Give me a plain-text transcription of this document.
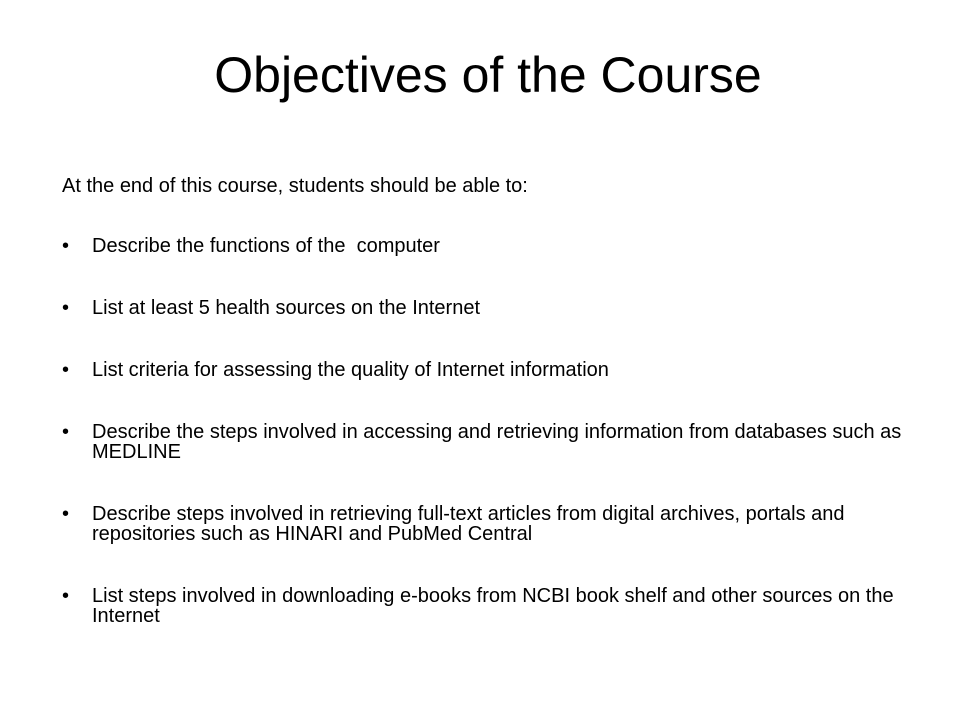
Objectives of the Course
At the end of this course, students should be able to:
•	Describe the functions of the  computer
•	List at least 5 health sources on the Internet
•	List criteria for assessing the quality of Internet information
•	Describe the steps involved in accessing and retrieving information from databases such as MEDLINE
•	Describe steps involved in retrieving full-text articles from digital archives, portals and repositories such as HINARI and PubMed Central
•	List steps involved in downloading e-books from NCBI book shelf and other sources on the Internet
